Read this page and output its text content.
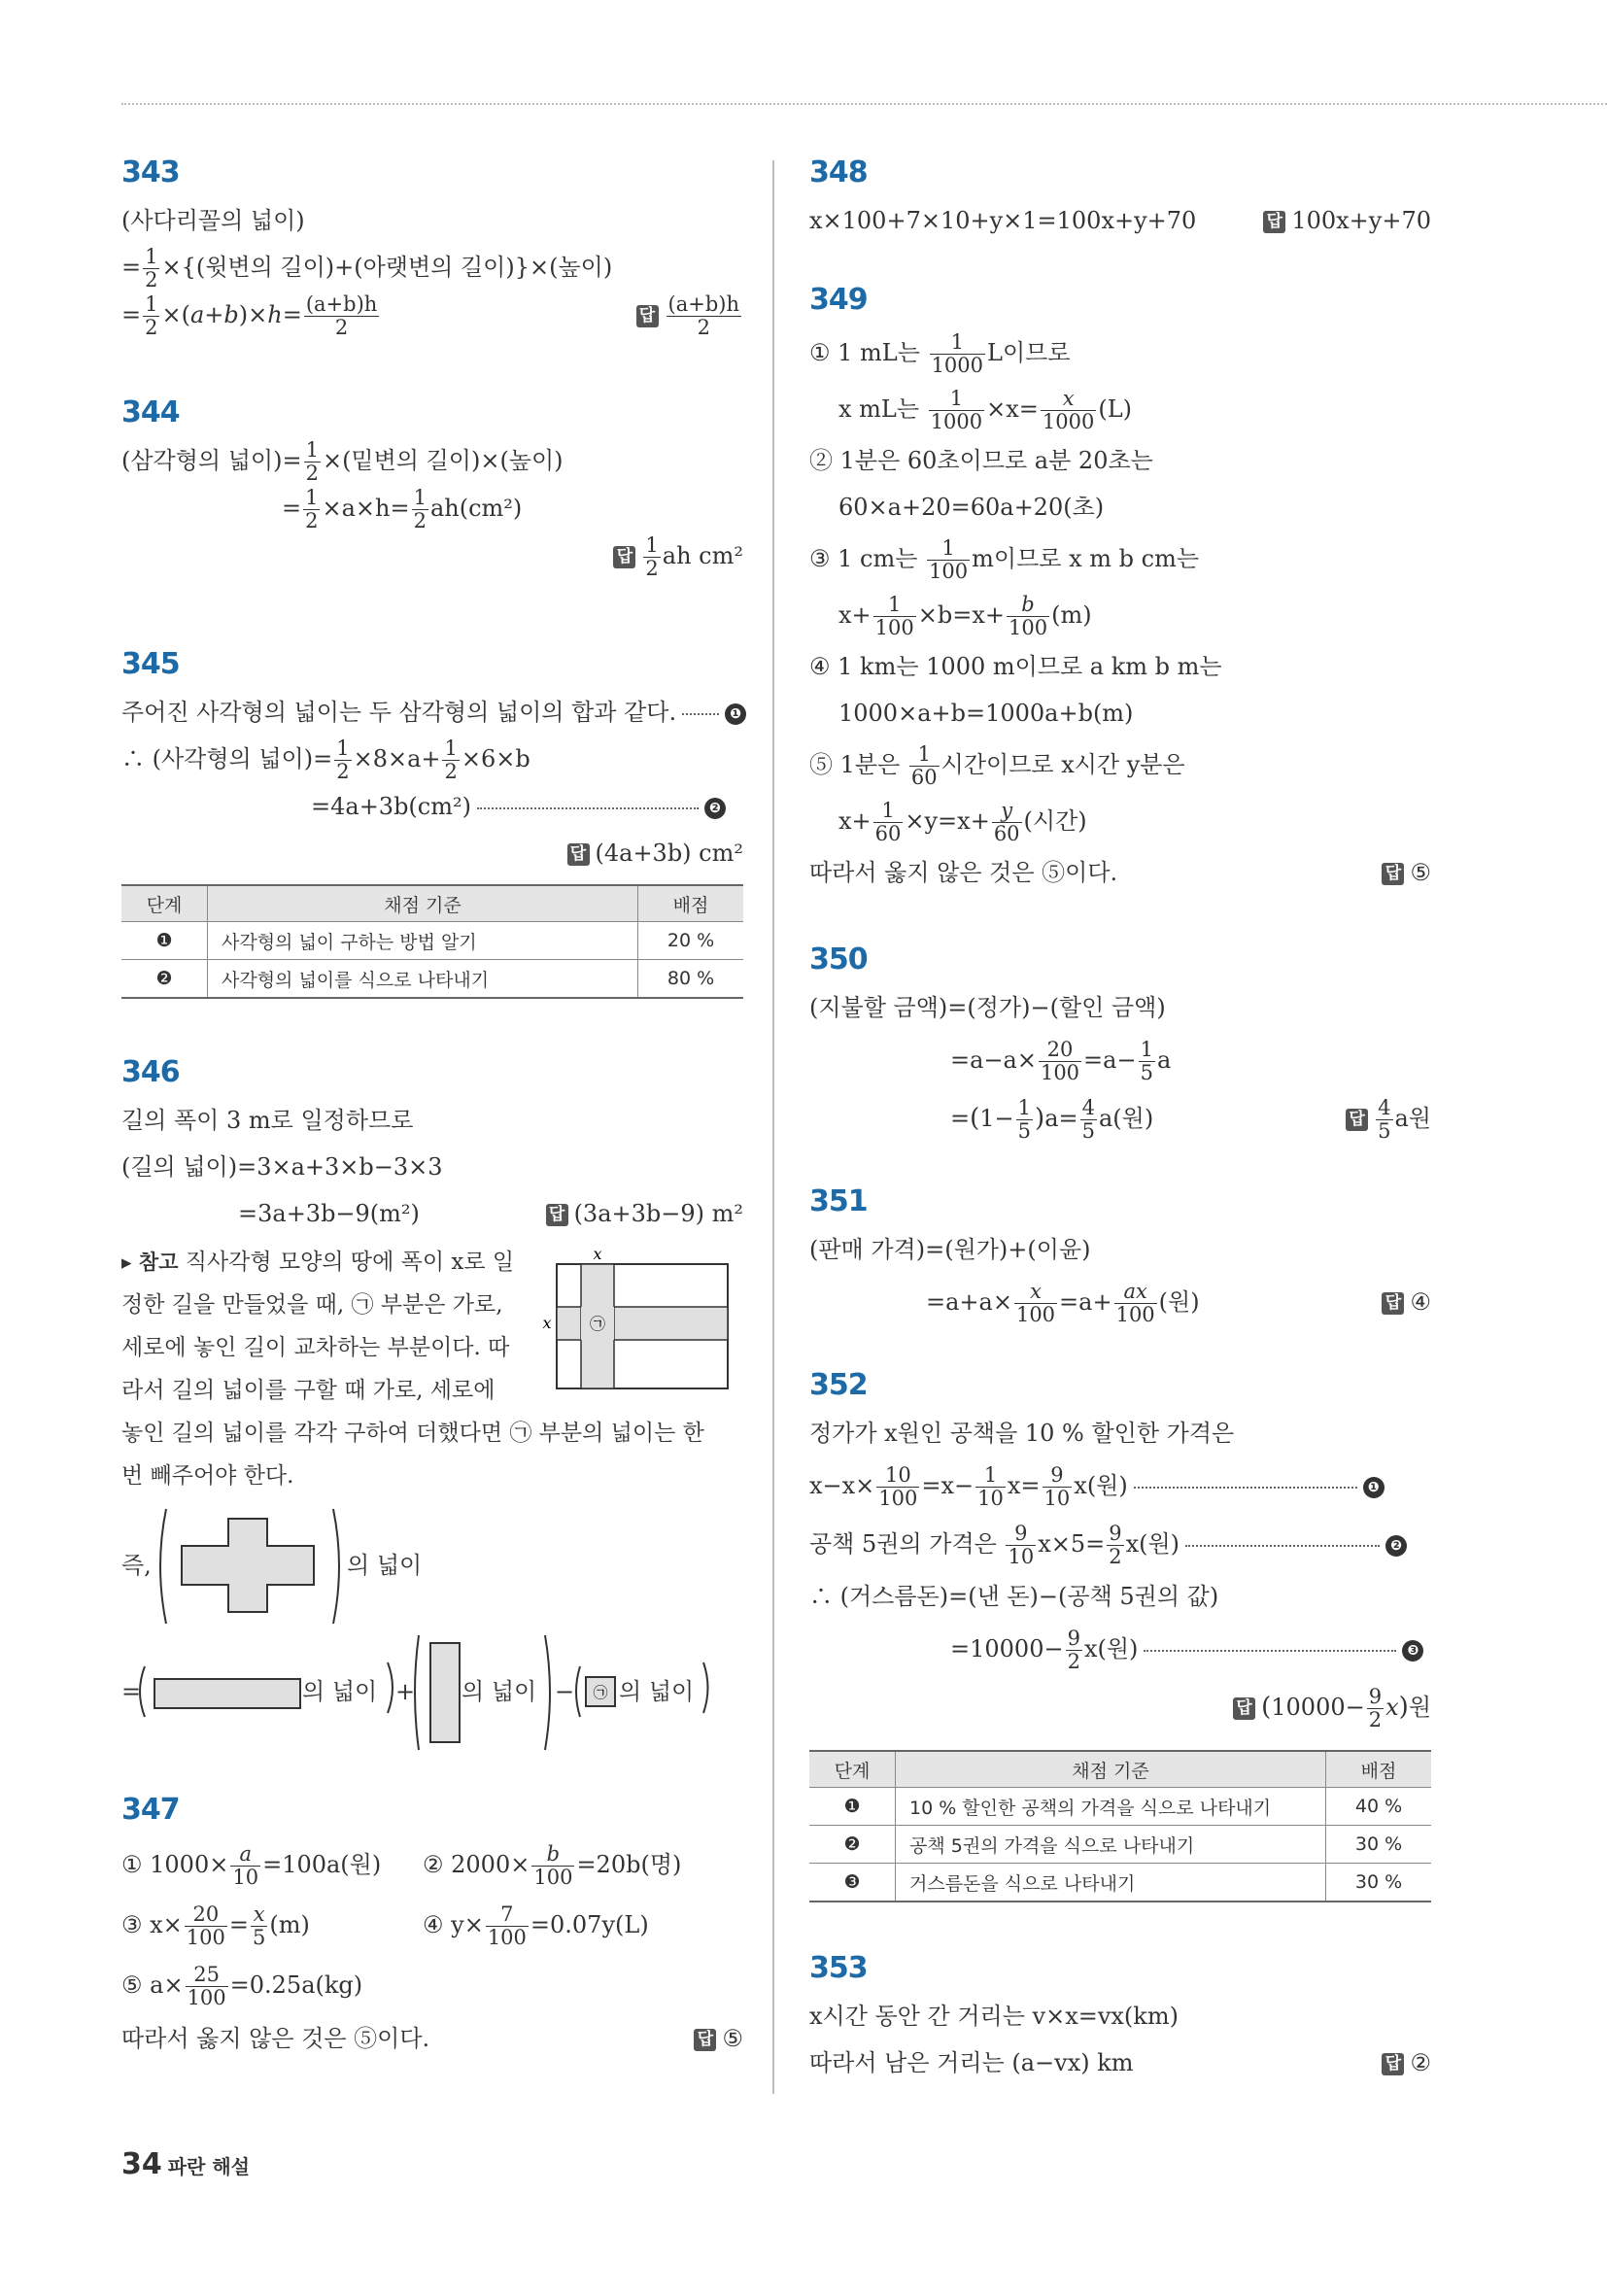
343
(사다리꼴의 넓이)
= $\frac{1}{2}$ ×{(윗변의 길이)+(아랫변의 길이)}×(높이)
= $\frac{1}{2} \times(a+b)\times h= \frac{(a+b)h}{2}$	답 $\frac{(a+b)h}{2}$
344
(삼각형의 넓이)= $\frac{1}{2}$ ×(밑변의 길이)×(높이)
= $\frac{1}{2} \times a\times h= \frac{1}{2} ah(cm^2)$
답 $\frac{1}{2}$ ah cm²
345
주어진 사각형의 넓이는 두 삼각형의 넓이의 합과 같다.	❶
∴ (사각형의 넓이)= $\frac{1}{2} \times 8\times a+ \frac{1}{2} \times 6\times b$
=4a+3b(cm²)	❷
답 (4a+3b) cm²
단계	채점 기준	배점
❶	사각형의 넓이 구하는 방법 알기	20 %
❷	사각형의 넓이를 식으로 나타내기	80 %
346
길의 폭이 3 m로 일정하므로
(길의 넓이)=3×a+3×b−3×3
=3a+3b−9(m²)	답 (3a+3b−9) m²
▸ 참고 직사각형 모양의 땅에 폭이 x로 일
정한 길을 만들었을 때, ㉠ 부분은 가로,
세로에 놓인 길이 교차하는 부분이다. 따
라서 길의 넓이를 구할 때 가로, 세로에
놓인 길의 넓이를 각각 구하여 더했다면 ㉠ 부분의 넓이는 한
번 빼주어야 한다.
㉠
x
x
즉,	의 넓이
=	의 넓이 + 의 넓이 − ㉠ 의 넓이
347
① $1000\times \frac{a}{10} =100a$(원) ② $2000\times \frac{b}{100} =20b$(명)
③ $x\times \frac{20}{100} = \frac{x}{5} (m)$	④ $y\times \frac{7}{100} =0.07y(L)$
⑤ $a\times \frac{25}{100} =0.25a(kg)$
따라서 옳지 않은 것은 ⑤이다.	답 ⑤
348
x×100+7×10+y×1=100x+y+70	답 100x+y+70
349
① 1 mL는 $\frac{1}{1000}$ L이므로
x mL는 $\frac{1}{1000} \times x= \frac{x}{1000} (L)$
② 1분은 60초이므로 a분 20초는
60×a+20=60a+20(초)
③ 1 cm는 $\frac{1}{100}$ m이므로 x m b cm는
$x+ \frac{1}{100} \times b=x+ \frac{b}{100} (m)$
④ 1 km는 1000 m이므로 a km b m는
1000×a+b=1000a+b(m)
⑤ 1분은 $\frac{1}{60}$ 시간이므로 x시간 y분은
$x+ \frac{1}{60} \times y=x+ \frac{y}{60}$ (시간)
따라서 옳지 않은 것은 ⑤이다.	답 ⑤
350
(지불할 금액)=(정가)−(할인 금액)
$=a-a\times \frac{20}{100} =a- \frac{1}{5}$ a
$=(1- \frac{1}{5} )a= \frac{4}{5} a$(원)	답 $\frac{4}{5}$ a원
351
(판매 가격)=(원가)+(이윤)
$=a+a\times \frac{x}{100} =a+ \frac{ax}{100}$ (원)	답 ④
352
정가가 x원인 공책을 10 % 할인한 가격은
$x-x\times \frac{10}{100} =x- \frac{1}{10} x= \frac{9}{10} x$(원)	❶
공책 5권의 가격은 $\frac{9}{10} x\times 5= \frac{9}{2} x$(원)	❷
∴ (거스름돈)=(낸 돈)−(공책 5권의 값)
$=10000- \frac{9}{2} x$(원)	❸
답 $(10000- \frac{9}{2} x)$원
단계	채점 기준	배점
❶	10 % 할인한 공책의 가격을 식으로 나타내기	40 %
❷	공책 5권의 가격을 식으로 나타내기	30 %
❸	거스름돈을 식으로 나타내기	30 %
353
x시간 동안 간 거리는 v×x=vx(km)
따라서 남은 거리는 (a−vx) km	답 ②
34 파란 해설
